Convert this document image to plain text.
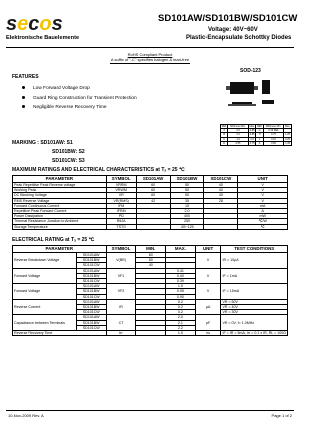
secos
Elektronische Bauelemente
SD101AW/SD101BW/SD101CW
Voltage: 40V~60V
Plastic-Encapsulate Schottky Diodes
RoHS Compliant Product
A suffix of "-C" specifies halogen & lead-free
FEATURES
Low Forward Voltage Drop
Guard Ring Construction for Transient Protection
Negligible Reverse Recovery Time
SOD-123
REF	Millimeter Min.	Max.	REF	Millimeter Min.	Max.
A	2.5	2.85	G	0.15 REF	
B	3.4	3.85	H	0.75	1.25
C	1.0	2.0	J	0.15	0.25
D	0.55	0.75	K	0.85	1.35
MARKING : SD101AW: S1
SD101BW: S2
SD101CW: S3
MAXIMUM RATINGS AND ELECTRICAL CHARACTERISTICS at Tₐ = 25 ℃
PARAMETER	SYMBOL	SD101AW	SD101BW	SD101CW	UNIT
Peak Repetitive Peak Reverse voltage	VRRM	60	50	40	V
Working Peak	VRWM	60	50	40	V
DC Blocking Voltage	VR	60	50	40	V
RMS Reverse Voltage	VR(RMS)	42	35	28	V
Forward Continuous Current	IFM		15		mA
Repetitive Peak Forward Current	IFRM		2.0		A
Power Dissipation	PD		400		mW
Thermal Resistance Junction to Ambient	RθJA		250		℃/W
Storage Temperature	TSTG		-65~125		℃
ELECTRICAL RATING at Tₐ = 25 ℃
PARAMETER		SYMBOL	MIN.	MAX.	UNIT	TEST CONDITIONS
Reverse Breakdown Voltage	SD101AW	V(BR)	60		V	IR = 10μA
	SD101BW		50			
	SD101CW		40			
Forward Voltage	SD101AW	VF1		0.41	V	IF = 1mA
	SD101BW			0.40		
	SD101CW			0.39		
Forward Voltage	SD101AW	VF2		1.0	V	IF = 15mA
	SD101BW			0.95		
	SD101CW			0.90		
Reverse Current	SD101AW	IR		0.2	μA	VR = 50V
	SD101BW			0.2		VR = 40V
	SD101CW			0.2		VR = 30V
Capacitance between Terminals	SD101AW	CT		2.0	pF	VR = 0V, f= 1.0MHz
	SD101BW			2.1		
	SD101CW			2.2		
Reverse Recovery Time		trr		1.0	ns	IF = IR = 5mA, Irr = 0.1 x IR, RL = 100Ω
10-Nov-2009 Rev. A	Page 1 of 2
